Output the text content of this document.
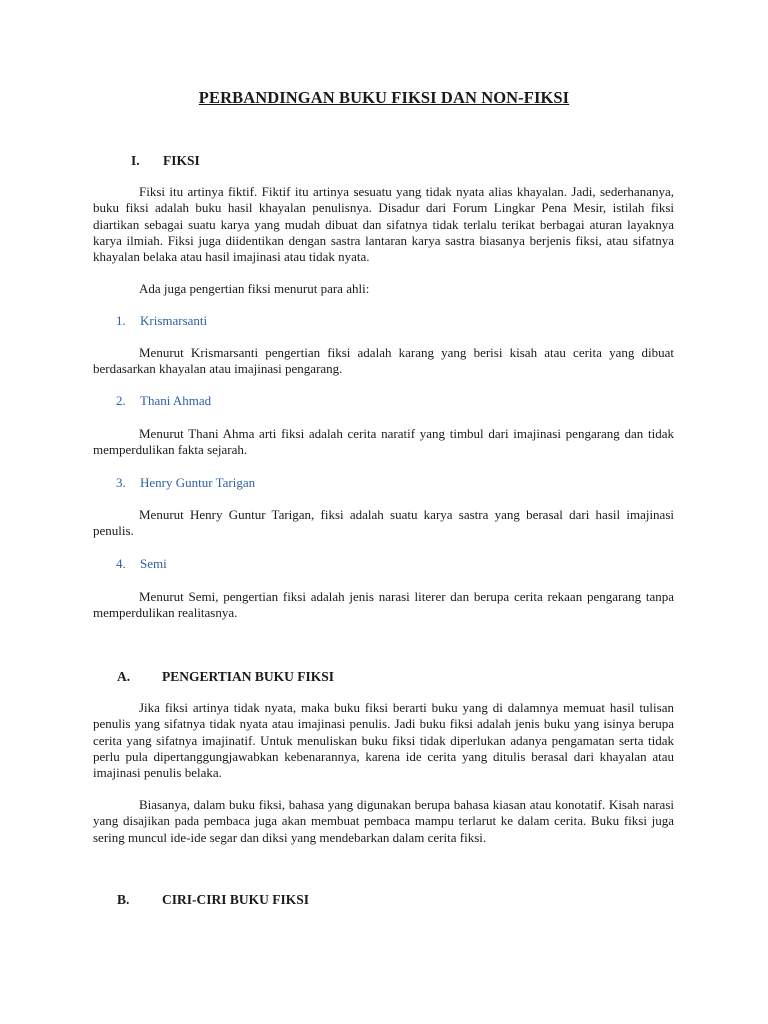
PERBANDINGAN BUKU FIKSI DAN NON-FIKSI
I. FIKSI

Fiksi itu artinya fiktif. Fiktif itu artinya sesuatu yang tidak nyata alias khayalan. Jadi, sederhananya, buku fiksi adalah buku hasil khayalan penulisnya. Disadur dari Forum Lingkar Pena Mesir, istilah fiksi diartikan sebagai suatu karya yang mudah dibuat dan sifatnya tidak terlalu terikat berbagai aturan layaknya karya ilmiah. Fiksi juga diidentikan dengan sastra lantaran karya sastra biasanya berjenis fiksi, atau sifatnya khayalan belaka atau hasil imajinasi atau tidak nyata.

Ada juga pengertian fiksi menurut para ahli:
1. Krismarsanti

Menurut Krismarsanti pengertian fiksi adalah karang yang berisi kisah atau cerita yang dibuat berdasarkan khayalan atau imajinasi pengarang.

2. Thani Ahmad

Menurut Thani Ahma arti fiksi adalah cerita naratif yang timbul dari imajinasi pengarang dan tidak memperdulikan fakta sejarah.

3. Henry Guntur Tarigan

Menurut Henry Guntur Tarigan, fiksi adalah suatu karya sastra yang berasal dari hasil imajinasi penulis.

4. Semi

Menurut Semi, pengertian fiksi adalah jenis narasi literer dan berupa cerita rekaan pengarang tanpa memperdulikan realitasnya.

A. PENGERTIAN BUKU FIKSI

Jika fiksi artinya tidak nyata, maka buku fiksi berarti buku yang di dalamnya memuat hasil tulisan penulis yang sifatnya tidak nyata atau imajinasi penulis. Jadi buku fiksi adalah jenis buku yang isinya berupa cerita yang sifatnya imajinatif. Untuk menuliskan buku fiksi tidak diperlukan adanya pengamatan serta tidak perlu pula dipertanggungjawabkan kebenarannya, karena ide cerita yang ditulis berasal dari khayalan atau imajinasi penulis belaka.

Biasanya, dalam buku fiksi, bahasa yang digunakan berupa bahasa kiasan atau konotatif. Kisah narasi yang disajikan pada pembaca juga akan membuat pembaca mampu terlarut ke dalam cerita. Buku fiksi juga sering muncul ide-ide segar dan diksi yang mendebarkan dalam cerita fiksi.

B. CIRI-CIRI BUKU FIKSI
